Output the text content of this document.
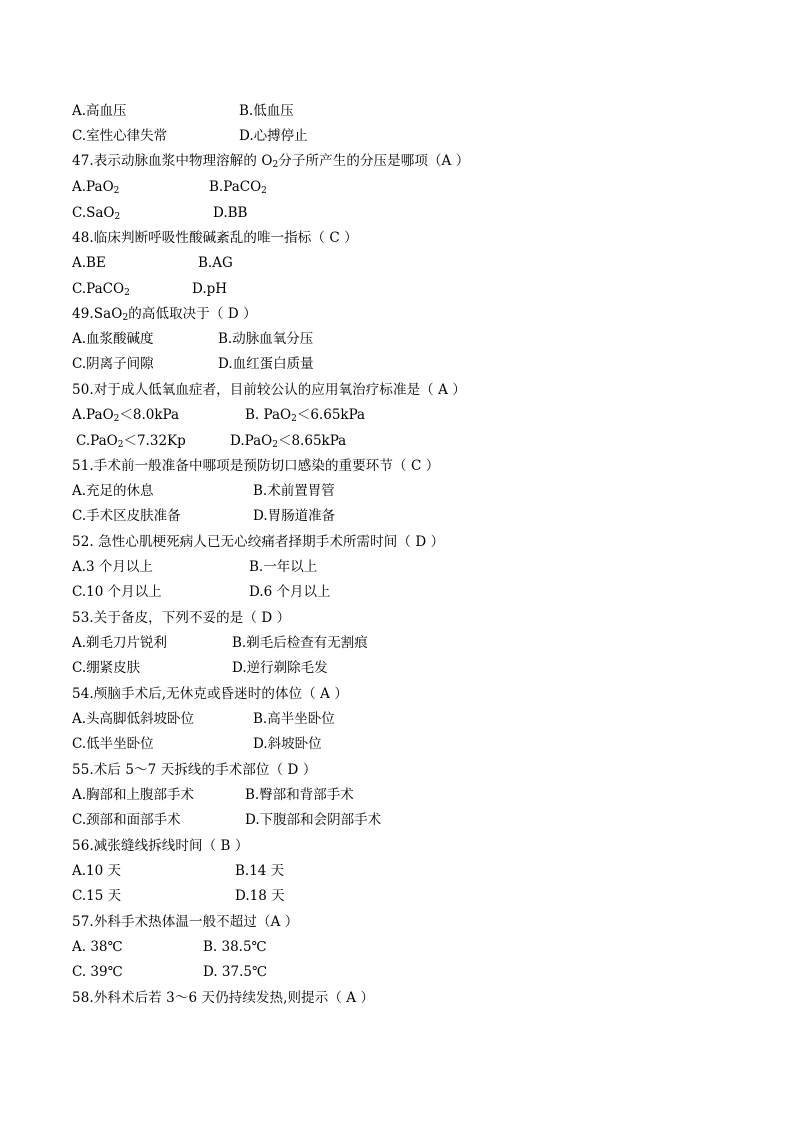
A.高血压	B.低血压
C.室性心律失常	D.心搏停止
47.表示动脉血浆中物理溶解的 $O_2$分子所产生的分压是哪项（A ）
A.PaO$_2$	B.PaCO$_2$
C.SaO$_2$	D.BB
48.临床判断呼吸性酸碱紊乱的唯一指标（ C ）
A.BE	B.AG
C.PaCO$_2$	D.pH
49.SaO$_2$的高低取决于（ D ）
A.血浆酸碱度	B.动脉血氧分压
C.阴离子间隙	D.血红蛋白质量
50.对于成人低氧血症者，目前较公认的应用氧治疗标准是（ A ）
A.PaO$_2$＜8.0kPa	B. PaO$_2$＜6.65kPa
C.PaO$_2$＜7.32Kp	D.PaO$_2$＜8.65kPa
51.手术前一般准备中哪项是预防切口感染的重要环节（ C ）
A.充足的休息	B.术前置胃管
C.手术区皮肤准备	D.胃肠道准备
52. 急性心肌梗死病人已无心绞痛者择期手术所需时间（ D ）
A.3 个月以上	B.一年以上
C.10 个月以上	D.6 个月以上
53.关于备皮，下列不妥的是（ D ）
A.剃毛刀片锐利	B.剃毛后检查有无割痕
C.绷紧皮肤	D.逆行剃除毛发
54.颅脑手术后,无休克或昏迷时的体位（ A ）
A.头高脚低斜坡卧位	B.高半坐卧位
C.低半坐卧位	D.斜坡卧位
55.术后 5～7 天拆线的手术部位（ D ）
A.胸部和上腹部手术	B.臀部和背部手术
C.颈部和面部手术	D.下腹部和会阴部手术
56.减张缝线拆线时间（ B ）
A.10 天	B.14 天
C.15 天	D.18 天
57.外科手术热体温一般不超过（A ）
A. 38℃	B. 38.5℃
C. 39℃	D. 37.5℃
58.外科术后若 3～6 天仍持续发热,则提示（ A ）
